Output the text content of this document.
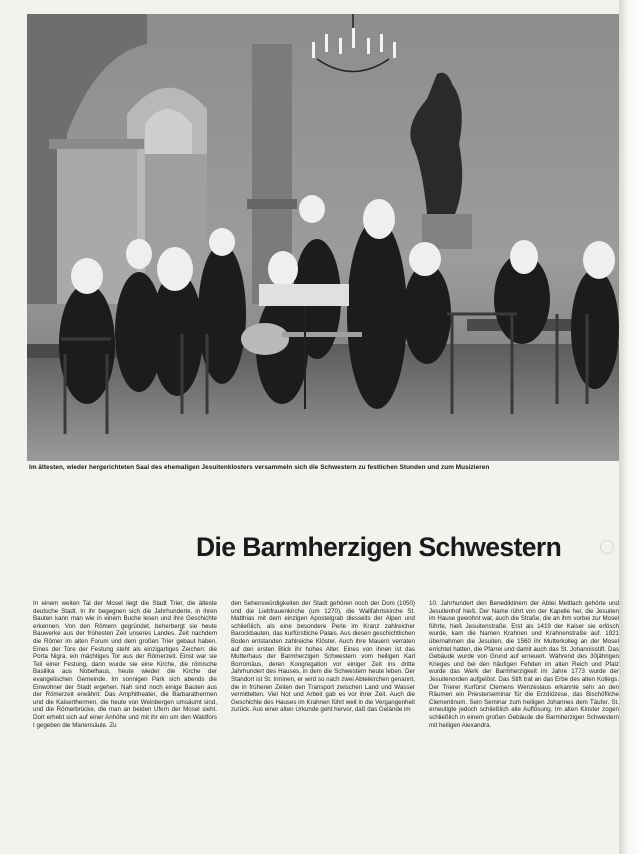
Im ältesten, wieder hergerichteten Saal des ehemaligen Jesuitenklosters versammeln sich die Schwestern zu festlichen Stunden und zum Musizieren
Die Barmherzigen Schwestern

In einem weiten Tal der Mosel liegt die Stadt Trier, die älteste deutsche Stadt. In ihr begegnen sich die Jahrhunderte, in ihren Bauten kann man wie in einem Buche lesen und ihre Geschichte erkennen. Von den Römern gegründet, beherbergt sie heute Bauwerke aus der frühesten Zeit unseres Landes. Zeit nachdem die Römer im alten Forum und dem großen Trier gebaut haben. Eines der Tore der Festung steht als einzigartiges Zeichen: die Porta Nigra, ein mächtiges Tor aus der Römerzeit. Einst war sie Teil einer Festung, dann wurde sie eine Kirche, die römische Basilika aus Nobelhaus, heute wieder die Kirche der evangelischen Gemeinde. Im sonnigen Park sich abends die Einwohner der Stadt ergehen. Nah sind noch einige Bauten aus der Römerzeit erwähnt: Das Amphitheater, die Barbarathermen und die Kaiserthermen, die heute von Weinbergen umsäumt sind, und die Römerbrücke, die man an beiden Ufern der Mosel sieht. Dort erhebt sich auf einer Anhöhe und mit ihr ein um den Waldfors I gegeben die Mariensäule. Zu

den Sehenswürdigkeiten der Stadt gehören noch der Dom (1050) und die Liebfrauenkirche (um 1270), die Wallfahrtskirche St. Matthias mit dem einzigen Apostelgrab diesseits der Alpen und schließlich, als eine besondere Perle im Kranz zahlreicher Barockbauten, das kurfürstliche Palais. Aus diesen geschichtlichen Boden entstanden zahlreiche Klöster. Auch ihre Mauern verraten auf den ersten Blick ihr hohes Alter. Eines von ihnen ist das Mutterhaus der Barmherzigen Schwestern vom heiligen Karl Borromäus, deren Kongregation vor einiger Zeit ins dritte Jahrhundert des Hauses, in dem die Schwestern heute leben. Der Standort ist St. Irminen, er wird so nach zwei Abteikirchen genannt, die in früheren Zeiten den Transport zwischen Land und Wasser vermittelten. Viel Not und Arbeit gab es vor ihrer Zeit. Auch die Geschichte des Hauses im Krahnen führt weit in die Vergangenheit zurück. Aus einer alten Urkunde geht hervor, daß das Gelände im

10. Jahrhundert den Benediktinern der Abtei Mettlach gehörte und Jesuitenhof hieß. Der Name rührt von der Kapelle her, die Jesuiten im Hause gewohnt war, auch die Straße, die an ihm vorbei zur Mosel führte, hieß Jesuitenstraße. Erst als 1419 der Kaiser sie erlösch wurde, kam die Namen Krahnen und Krahnenstraße auf. 1921 übernahmen die Jesuiten, die 1560 ihr Mutterkolleg an der Mosel errichtet hatten, die Pfarrei und damit auch das St. Johannisstift. Das Gebäude wurde von Grund auf erneuert. Während des 30jährigen Krieges und bei den häufigen Fehden im alten Reich und Pfalz wurde das Werk der Barmherzigkeit im Jahre 1773 wurde der Jesuitenorden aufgelöst. Das Stift trat an das Erbe des alten Kollegs. Der Trierer Kurfürst Clemens Wenzeslaus erkannte sehr an den Räumen ein Priesterseminar für die Erzdiözese, das Bischöfliche Clementinum. Sein Seminar zum heiligen Johannes dem Täufer. St. erneutigte jedoch schließlich alle Auflösung. Im alten Kloster zogen schließlich in einem großen Gebäude die Barmherzigen Schwestern mit heiligen Alexandra.
